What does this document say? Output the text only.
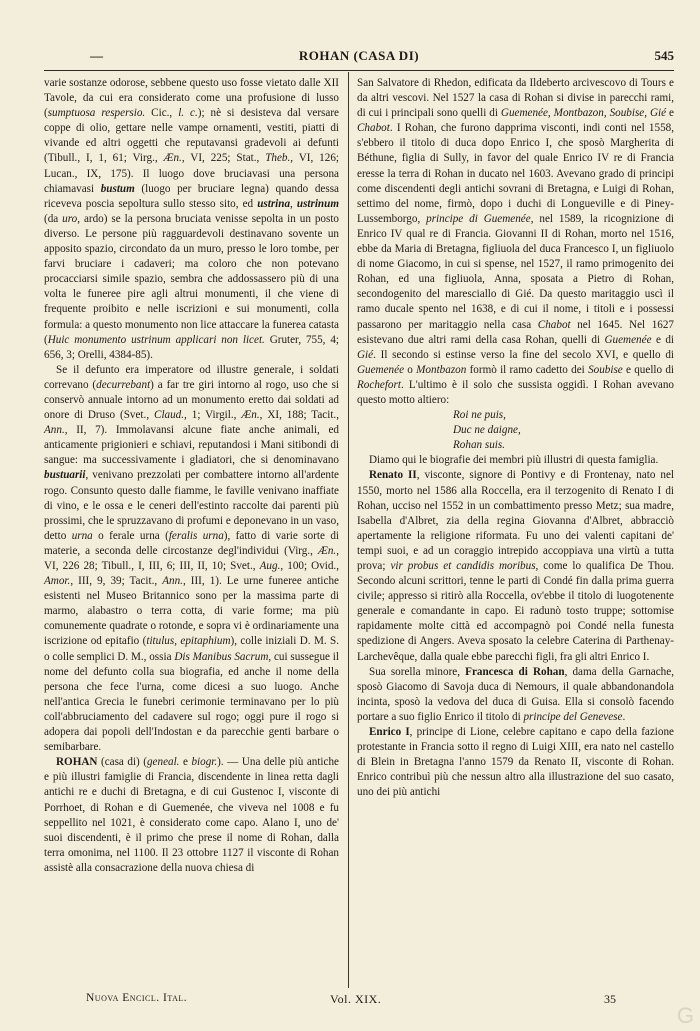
—	ROHAN (CASA DI)	545

varie sostanze odorose, sebbene questo uso fosse vietato dalle XII Tavole, da cui era considerato come una profusione di lusso (sumptuosa respersio. Cic., l. c.); nè si desisteva dal versare coppe di olio, gettare nelle vampe ornamenti, vestiti, piatti di vivande ed altri oggetti che reputavansi gradevoli ai defunti (Tibull., I, 1, 61; Virg., Æn., VI, 225; Stat., Theb., VI, 126; Lucan., IX, 175). Il luogo dove bruciavasi una persona chiamavasi bustum (luogo per bruciare legna) quando dessa riceveva poscia sepoltura sullo stesso sito, ed ustrina, ustrinum (da uro, ardo) se la persona bruciata venisse sepolta in un posto diverso. Le persone più ragguardevoli destinavano sovente un apposito spazio, circondato da un muro, presso le loro tombe, per farvi bruciare i cadaveri; ma coloro che non potevano procacciarsi simile spazio, sembra che addossassero più di una volta le funeree pire agli altrui monumenti, il che viene di frequente proibito e nelle iscrizioni e sui monumenti, colla formula: a questo monumento non lice attaccare la funerea catasta (Huic monumento ustrinum applicari non licet. Gruter, 755, 4; 656, 3; Orelli, 4384-85).

Se il defunto era imperatore od illustre generale, i soldati correvano (decurrebant) a far tre giri intorno al rogo, uso che si conservò annuale intorno ad un monumento eretto dai soldati ad onore di Druso (Svet., Claud., 1; Virgil., Æn., XI, 188; Tacit., Ann., II, 7). Immolavansi alcune fiate anche animali, ed anticamente prigionieri e schiavi, reputandosi i Mani sitibondi di sangue: ma successivamente i gladiatori, che si denominavano bustuarii, venivano prezzolati per combattere intorno all'ardente rogo. Consunto questo dalle fiamme, le faville venivano inaffiate di vino, e le ossa e le ceneri dell'estinto raccolte dai parenti più prossimi, che le spruzzavano di profumi e deponevano in un vaso, detto urna o ferale urna (feralis urna), fatto di varie sorte di materie, a seconda delle circostanze degl'individui (Virg., Æn., VI, 226 28; Tibull., I, III, 6; III, II, 10; Svet., Aug., 100; Ovid., Amor., III, 9, 39; Tacit., Ann., III, 1). Le urne funeree antiche esistenti nel Museo Britannico sono per la massima parte di marmo, alabastro o terra cotta, di varie forme; ma più comunemente quadrate o rotonde, e sopra vi è ordinariamente una iscrizione od epitafio (titulus, epitaphium), colle iniziali D. M. S. o colle semplici D. M., ossia Dis Manibus Sacrum, cui sussegue il nome del defunto colla sua biografia, ed anche il nome della persona che fece l'urna, come dicesi a suo luogo. Anche nell'antica Grecia le funebri cerimonie terminavano per lo più coll'abbruciamento del cadavere sul rogo; oggi pure il rogo si adopera dai popoli dell'Indostan e da parecchie genti barbare o semibarbare.

ROHAN (casa di) (geneal. e biogr.). — Una delle più antiche e più illustri famiglie di Francia, discendente in linea retta dagli antichi re e duchi di Bretagna, e di cui Gustenoc I, visconte di Porrhoet, di Rohan e di Guemenée, che viveva nel 1008 e fu seppellito nel 1021, è considerato come capo. Alano I, uno de' suoi discendenti, è il primo che prese il nome di Rohan, dalla terra omonima, nel 1100. Il 23 ottobre 1127 il visconte di Rohan assistè alla consacrazione della nuova chiesa di

San Salvatore di Rhedon, edificata da Ildeberto arcivescovo di Tours e da altri vescovi. Nel 1527 la casa di Rohan si divise in parecchi rami, di cui i principali sono quelli di Guemenée, Montbazon, Soubise, Gié e Chabot. I Rohan, che furono dapprima visconti, indi conti nel 1558, s'ebbero il titolo di duca dopo Enrico I, che sposò Margherita di Béthune, figlia di Sully, in favor del quale Enrico IV re di Francia eresse la terra di Rohan in ducato nel 1603. Avevano grado di principi come discendenti degli antichi sovrani di Bretagna, e Luigi di Rohan, settimo del nome, firmò, dopo i duchi di Longueville e di Piney-Lussemborgo, principe di Guemenée, nel 1589, la ricognizione di Enrico IV qual re di Francia. Giovanni II di Rohan, morto nel 1516, ebbe da Maria di Bretagna, figliuola del duca Francesco I, un figliuolo di nome Giacomo, in cui si spense, nel 1527, il ramo primogenito dei Rohan, ed una figliuola, Anna, sposata a Pietro di Rohan, secondogenito del maresciallo di Gié. Da questo maritaggio uscì il ramo ducale spento nel 1638, e di cui il nome, i titoli e i possessi passarono per maritaggio nella casa Chabot nel 1645. Nel 1627 esistevano due altri rami della casa Rohan, quelli di Guemenée e di Gié. Il secondo si estinse verso la fine del secolo XVI, e quello di Guemenée o Montbazon formò il ramo cadetto dei Soubise e quello di Rochefort. L'ultimo è il solo che sussista oggidì. I Rohan avevano questo motto altiero:

Roi ne puis,
Duc ne daigne,
Rohan suis.

Diamo qui le biografie dei membri più illustri di questa famiglia.

Renato II, visconte, signore di Pontivy e di Frontenay, nato nel 1550, morto nel 1586 alla Roccella, era il terzogenito di Renato I di Rohan, ucciso nel 1552 in un combattimento presso Metz; sua madre, Isabella d'Albret, zia della regina Giovanna d'Albret, abbracciò apertamente la religione riformata. Fu uno dei valenti capitani de' tempi suoi, e ad un coraggio intrepido accoppiava una virtù a tutta prova; vir probus et candidis moribus, come lo qualifica De Thou. Secondo alcuni scrittori, tenne le parti di Condé fin dalla prima guerra civile; appresso si ritirò alla Roccella, ov'ebbe il titolo di luogotenente generale e comandante in capo. Ei radunò tosto truppe; sottomise rapidamente molte città ed accompagnò poi Condé nella funesta spedizione di Angers. Aveva sposato la celebre Caterina di Parthenay-Larchevêque, dalla quale ebbe parecchi figli, fra gli altri Enrico I.

Sua sorella minore, Francesca di Rohan, dama della Garnache, sposò Giacomo di Savoja duca di Nemours, il quale abbandonandola incinta, sposò la vedova del duca di Guisa. Ella si consolò facendo portare a suo figlio Enrico il titolo di principe del Genevese.

Enrico I, principe di Lione, celebre capitano e capo della fazione protestante in Francia sotto il regno di Luigi XIII, era nato nel castello di Blein in Bretagna l'anno 1579 da Renato II, visconte di Rohan. Enrico contribuì più che nessun altro alla illustrazione del suo casato, uno dei più antichi

Nuova Encicl. Ital.	Vol. XIX.	35
G
